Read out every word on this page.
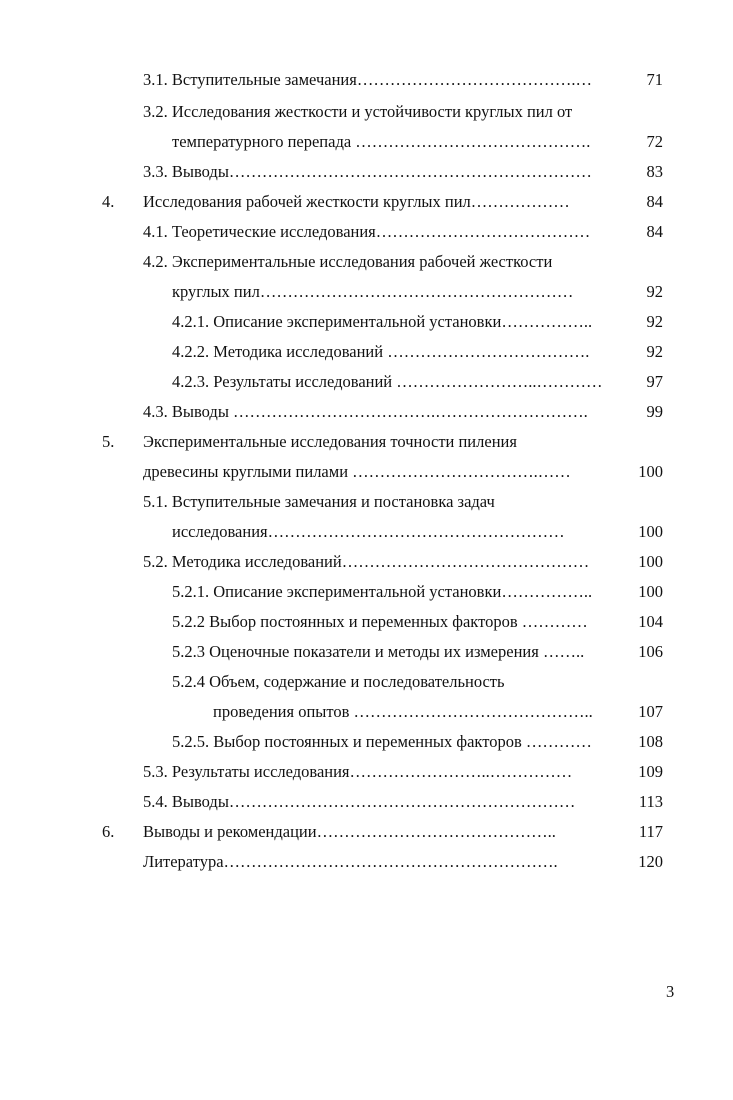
3.1. Вступительные замечания………………………………….…	71
3.2. Исследования жесткости и устойчивости круглых пил от
температурного перепада …………………………………….	72
3.3. Выводы…………………………………………………………	83
4. Исследования рабочей жесткости круглых пил………………	84
4.1. Теоретические исследования…………………………………	84
4.2. Экспериментальные исследования рабочей жесткости
круглых пил…………………………………………………	92
4.2.1. Описание экспериментальной установки……………..	92
4.2.2. Методика исследований ……………………………….	92
4.2.3. Результаты исследований ……………………..…………	97
4.3. Выводы ……………………………….……………………….	99
5. Экспериментальные исследования точности пиления
древесины круглыми пилами …………………………….……	100
5.1. Вступительные замечания и постановка задач
исследования………………………………………………	100
5.2. Методика исследований………………………………………	100
5.2.1. Описание экспериментальной установки……………..	100
5.2.2 Выбор постоянных и переменных факторов …………	104
5.2.3 Оценочные показатели и методы их измерения ……..	106
5.2.4 Объем, содержание и последовательность
проведения опытов ……………………………………..	107
5.2.5. Выбор постоянных и переменных факторов …………	108
5.3. Результаты исследования……………………..……………	109
5.4. Выводы………………………………………………………	113
6. Выводы и рекомендации……………………………………..	117
Литература…………………………………………………….	120
3
